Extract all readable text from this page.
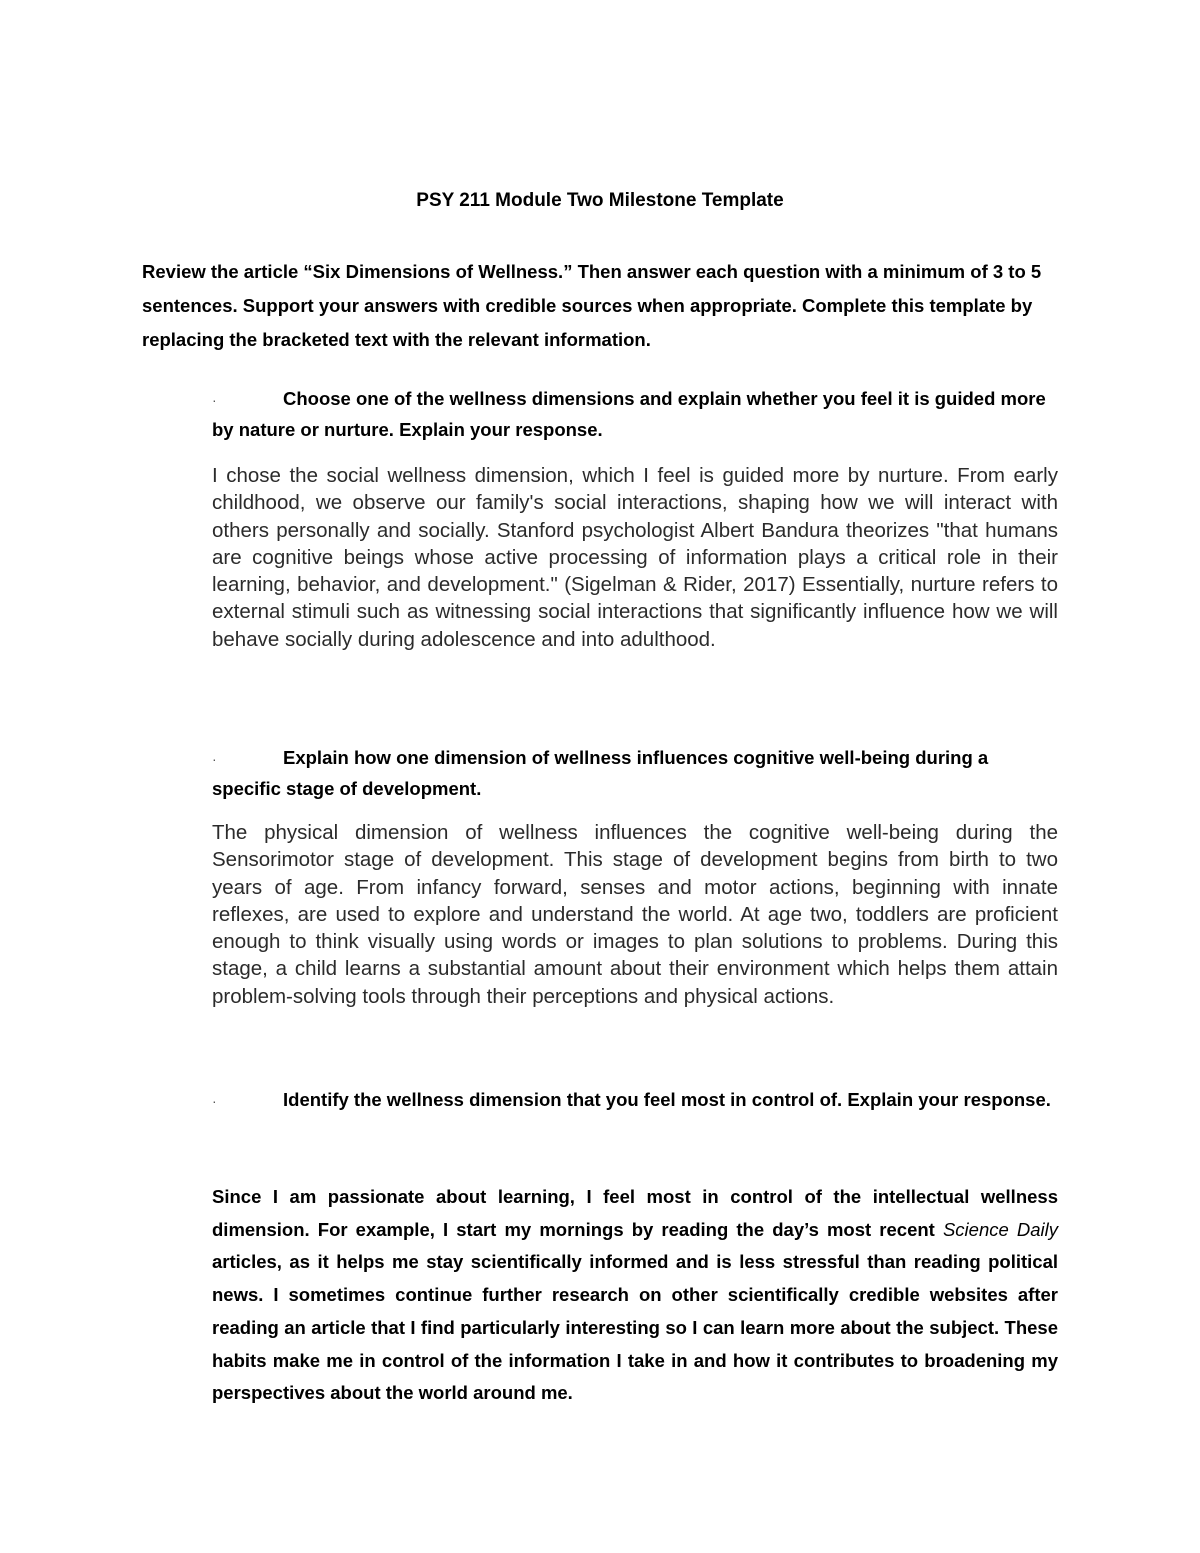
PSY 211 Module Two Milestone Template

Review the article “Six Dimensions of Wellness.” Then answer each question with a minimum of 3 to 5 sentences. Support your answers with credible sources when appropriate. Complete this template by replacing the bracketed text with the relevant information.

·	Choose one of the wellness dimensions and explain whether you feel it is guided more by nature or nurture. Explain your response.

I chose the social wellness dimension, which I feel is guided more by nurture. From early childhood, we observe our family's social interactions, shaping how we will interact with others personally and socially. Stanford psychologist Albert Bandura theorizes "that humans are cognitive beings whose active processing of information plays a critical role in their learning, behavior, and development." (Sigelman & Rider, 2017) Essentially, nurture refers to external stimuli such as witnessing social interactions that significantly influence how we will behave socially during adolescence and into adulthood.

·	Explain how one dimension of wellness influences cognitive well-being during a specific stage of development.

The physical dimension of wellness influences the cognitive well-being during the Sensorimotor stage of development. This stage of development begins from birth to two years of age. From infancy forward, senses and motor actions, beginning with innate reflexes, are used to explore and understand the world. At age two, toddlers are proficient enough to think visually using words or images to plan solutions to problems. During this stage, a child learns a substantial amount about their environment which helps them attain problem-solving tools through their perceptions and physical actions.

·	Identify the wellness dimension that you feel most in control of. Explain your response.

Since I am passionate about learning, I feel most in control of the intellectual wellness dimension. For example, I start my mornings by reading the day’s most recent Science Daily articles, as it helps me stay scientifically informed and is less stressful than reading political news. I sometimes continue further research on other scientifically credible websites after reading an article that I find particularly interesting so I can learn more about the subject. These habits make me in control of the information I take in and how it contributes to broadening my perspectives about the world around me.
